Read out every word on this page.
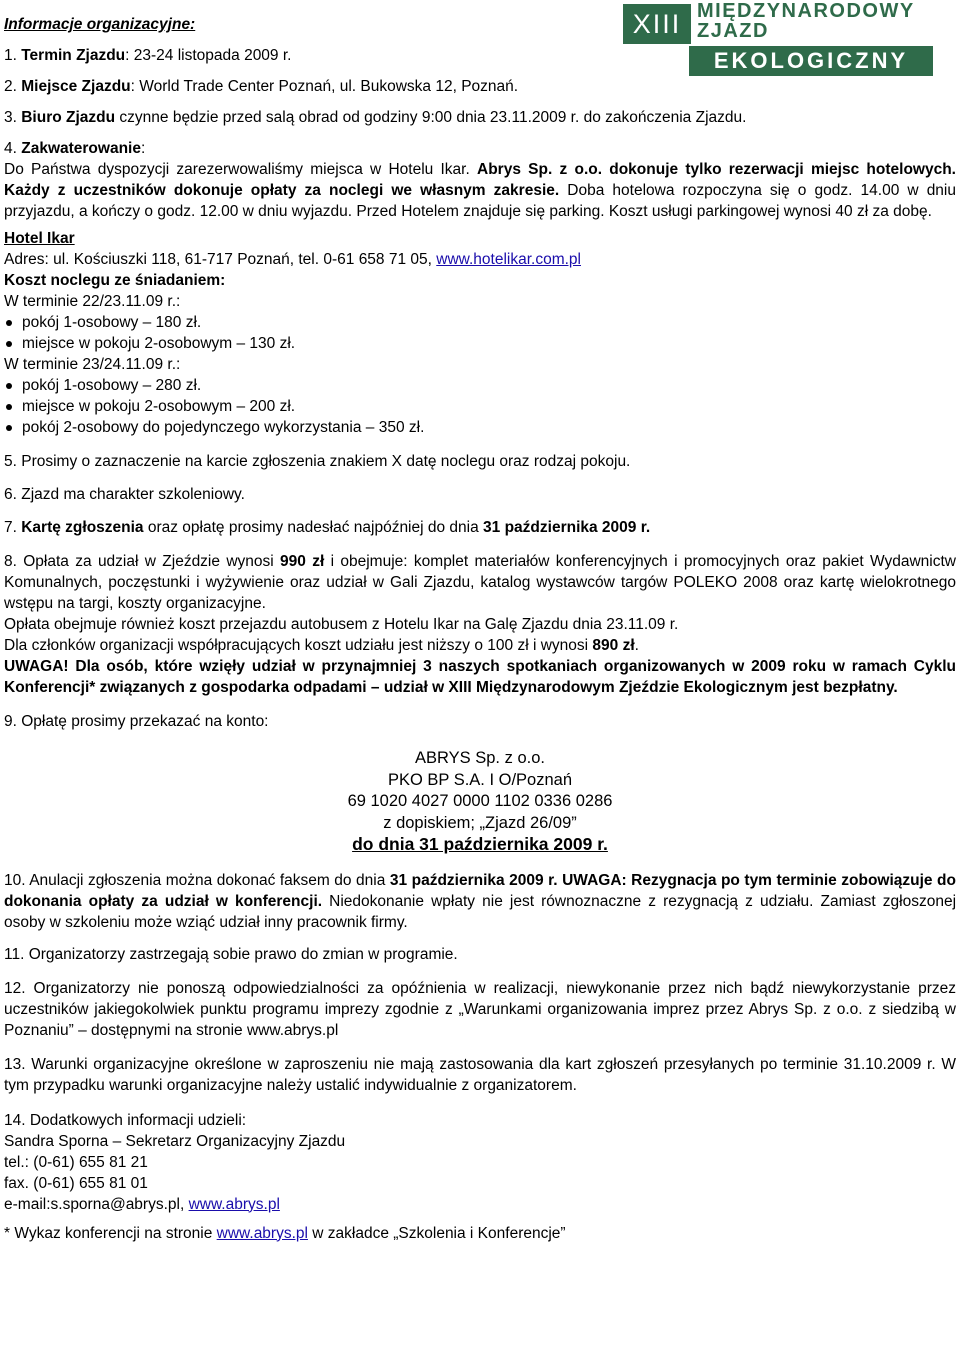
XIII MIĘDZYNARODOWY
ZJAZD
EKOLOGICZNY

Informacje organizacyjne:

1. Termin Zjazdu: 23-24 listopada 2009 r.

2. Miejsce Zjazdu: World Trade Center Poznań, ul. Bukowska 12, Poznań.

3. Biuro Zjazdu czynne będzie przed salą obrad od godziny 9:00 dnia 23.11.2009 r. do zakończenia Zjazdu.

4. Zakwaterowanie:

Do Państwa dyspozycji zarezerwowaliśmy miejsca w Hotelu Ikar. Abrys Sp. z o.o. dokonuje tylko rezerwacji miejsc hotelowych. Każdy z uczestników dokonuje opłaty za noclegi we własnym zakresie. Doba hotelowa rozpoczyna się o godz. 14.00 w dniu przyjazdu, a kończy o godz. 12.00 w dniu wyjazdu. Przed Hotelem znajduje się parking. Koszt usługi parkingowej wynosi 40 zł za dobę.

Hotel Ikar

Adres: ul. Kościuszki 118, 61-717 Poznań, tel. 0-61 658 71 05, www.hotelikar.com.pl

Koszt noclegu ze śniadaniem:

W terminie 22/23.11.09 r.:

pokój 1-osobowy – 180 zł.
miejsce w pokoju 2-osobowym – 130 zł.

W terminie 23/24.11.09 r.:

pokój 1-osobowy – 280 zł.
miejsce w pokoju 2-osobowym – 200 zł.
pokój 2-osobowy do pojedynczego wykorzystania – 350 zł.

5. Prosimy o zaznaczenie na karcie zgłoszenia znakiem X datę noclegu oraz rodzaj pokoju.

6. Zjazd ma charakter szkoleniowy.

7. Kartę zgłoszenia oraz opłatę prosimy nadesłać najpóźniej do dnia 31 października 2009 r.

8. Opłata za udział w Zjeździe wynosi 990 zł i obejmuje: komplet materiałów konferencyjnych i promocyjnych oraz pakiet Wydawnictw Komunalnych, poczęstunki i wyżywienie oraz udział w Gali Zjazdu, katalog wystawców targów POLEKO 2008 oraz kartę wielokrotnego wstępu na targi, koszty organizacyjne.

Opłata obejmuje również koszt przejazdu autobusem z Hotelu Ikar na Galę Zjazdu dnia 23.11.09 r.

Dla członków organizacji współpracujących koszt udziału jest niższy o 100 zł i wynosi 890 zł.

UWAGA! Dla osób, które wzięły udział w przynajmniej 3 naszych spotkaniach organizowanych w 2009 roku w ramach Cyklu Konferencji* związanych z gospodarka odpadami – udział w XIII Międzynarodowym Zjeździe Ekologicznym jest bezpłatny.

9. Opłatę prosimy przekazać na konto:

ABRYS Sp. z o.o.

PKO BP S.A. I O/Poznań

69 1020 4027 0000 1102 0336 0286

z dopiskiem; „Zjazd 26/09”

do dnia 31 października 2009 r.

10. Anulacji zgłoszenia można dokonać faksem do dnia 31 października 2009 r. UWAGA: Rezygnacja po tym terminie zobowiązuje do dokonania opłaty za udział w konferencji. Niedokonanie wpłaty nie jest równoznaczne z rezygnacją z udziału. Zamiast zgłoszonej osoby w szkoleniu może wziąć udział inny pracownik firmy.

11. Organizatorzy zastrzegają sobie prawo do zmian w programie.

12. Organizatorzy nie ponoszą odpowiedzialności za opóźnienia w realizacji, niewykonanie przez nich bądź niewykorzystanie przez uczestników jakiegokolwiek punktu programu imprezy zgodnie z „Warunkami organizowania imprez przez Abrys Sp. z o.o. z siedzibą w Poznaniu” – dostępnymi na stronie www.abrys.pl

13. Warunki organizacyjne określone w zaproszeniu nie mają zastosowania dla kart zgłoszeń przesyłanych po terminie 31.10.2009 r. W tym przypadku warunki organizacyjne należy ustalić indywidualnie z organizatorem.

14. Dodatkowych informacji udzieli:

Sandra Sporna – Sekretarz Organizacyjny Zjazdu

tel.: (0-61) 655 81 21

fax. (0-61) 655 81 01

e-mail:s.sporna@abrys.pl, www.abrys.pl

* Wykaz konferencji na stronie www.abrys.pl w zakładce „Szkolenia i Konferencje”
